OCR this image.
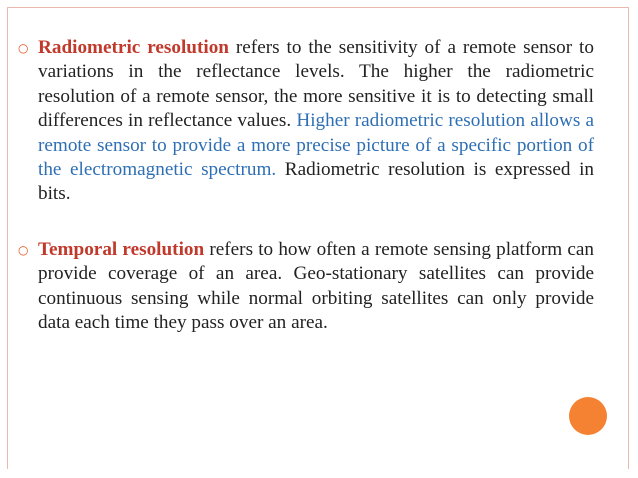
○ Radiometric resolution refers to the sensitivity of a remote sensor to variations in the reflectance levels. The higher the radiometric resolution of a remote sensor, the more sensitive it is to detecting small differences in reflectance values. Higher radiometric resolution allows a remote sensor to provide a more precise picture of a specific portion of the electromagnetic spectrum. Radiometric resolution is expressed in bits.
○ Temporal resolution refers to how often a remote sensing platform can provide coverage of an area. Geo-stationary satellites can provide continuous sensing while normal orbiting satellites can only provide data each time they pass over an area.
